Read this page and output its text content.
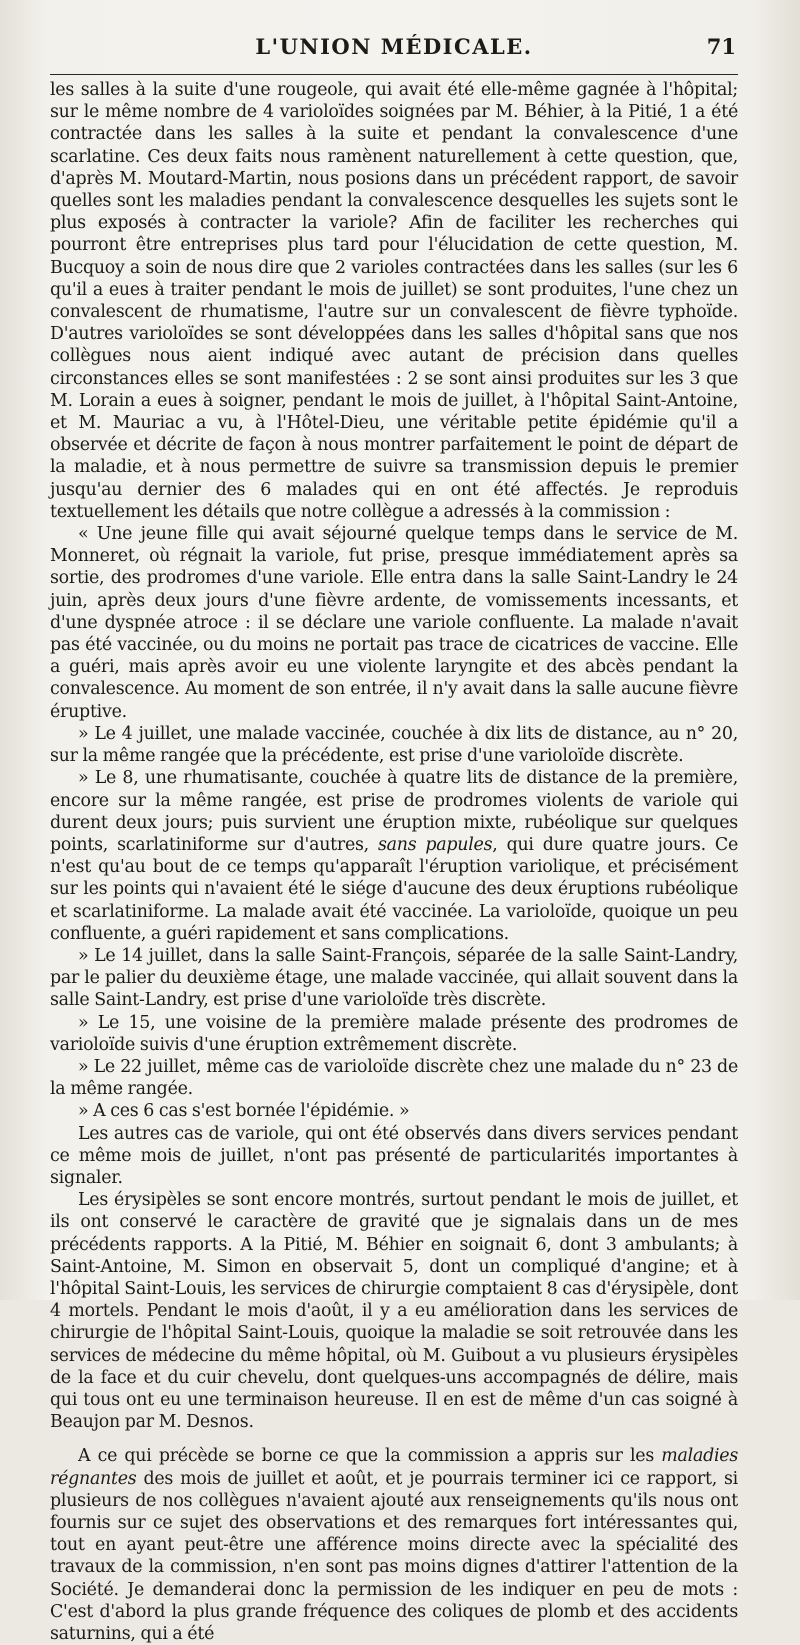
L'UNION MÉDICALE.	71

les salles à la suite d'une rougeole, qui avait été elle-même gagnée à l'hôpital; sur le même nombre de 4 varioloïdes soignées par M. Béhier, à la Pitié, 1 a été contractée dans les salles à la suite et pendant la convalescence d'une scarlatine. Ces deux faits nous ramènent naturellement à cette question, que, d'après M. Moutard-Martin, nous posions dans un précédent rapport, de savoir quelles sont les maladies pendant la convalescence desquelles les sujets sont le plus exposés à contracter la variole? Afin de faciliter les recherches qui pourront être entreprises plus tard pour l'élucidation de cette question, M. Bucquoy a soin de nous dire que 2 varioles contractées dans les salles (sur les 6 qu'il a eues à traiter pendant le mois de juillet) se sont produites, l'une chez un convalescent de rhumatisme, l'autre sur un convalescent de fièvre typhoïde. D'autres varioloïdes se sont développées dans les salles d'hôpital sans que nos collègues nous aient indiqué avec autant de précision dans quelles circonstances elles se sont manifestées : 2 se sont ainsi produites sur les 3 que M. Lorain a eues à soigner, pendant le mois de juillet, à l'hôpital Saint-Antoine, et M. Mauriac a vu, à l'Hôtel-Dieu, une véritable petite épidémie qu'il a observée et décrite de façon à nous montrer parfaitement le point de départ de la maladie, et à nous permettre de suivre sa transmission depuis le premier jusqu'au dernier des 6 malades qui en ont été affectés. Je reproduis textuellement les détails que notre collègue a adressés à la commission :

« Une jeune fille qui avait séjourné quelque temps dans le service de M. Monneret, où régnait la variole, fut prise, presque immédiatement après sa sortie, des prodromes d'une variole. Elle entra dans la salle Saint-Landry le 24 juin, après deux jours d'une fièvre ardente, de vomissements incessants, et d'une dyspnée atroce : il se déclare une variole confluente. La malade n'avait pas été vaccinée, ou du moins ne portait pas trace de cicatrices de vaccine. Elle a guéri, mais après avoir eu une violente laryngite et des abcès pendant la convalescence. Au moment de son entrée, il n'y avait dans la salle aucune fièvre éruptive.

» Le 4 juillet, une malade vaccinée, couchée à dix lits de distance, au n° 20, sur la même rangée que la précédente, est prise d'une varioloïde discrète.

» Le 8, une rhumatisante, couchée à quatre lits de distance de la première, encore sur la même rangée, est prise de prodromes violents de variole qui durent deux jours; puis survient une éruption mixte, rubéolique sur quelques points, scarlatiniforme sur d'autres, sans papules, qui dure quatre jours. Ce n'est qu'au bout de ce temps qu'apparaît l'éruption variolique, et précisément sur les points qui n'avaient été le siége d'aucune des deux éruptions rubéolique et scarlatiniforme. La malade avait été vaccinée. La varioloïde, quoique un peu confluente, a guéri rapidement et sans complications.

» Le 14 juillet, dans la salle Saint-François, séparée de la salle Saint-Landry, par le palier du deuxième étage, une malade vaccinée, qui allait souvent dans la salle Saint-Landry, est prise d'une varioloïde très discrète.

» Le 15, une voisine de la première malade présente des prodromes de varioloïde suivis d'une éruption extrêmement discrète.

» Le 22 juillet, même cas de varioloïde discrète chez une malade du n° 23 de la même rangée.

» A ces 6 cas s'est bornée l'épidémie. »

Les autres cas de variole, qui ont été observés dans divers services pendant ce même mois de juillet, n'ont pas présenté de particularités importantes à signaler.

Les érysipèles se sont encore montrés, surtout pendant le mois de juillet, et ils ont conservé le caractère de gravité que je signalais dans un de mes précédents rapports. A la Pitié, M. Béhier en soignait 6, dont 3 ambulants; à Saint-Antoine, M. Simon en observait 5, dont un compliqué d'angine; et à l'hôpital Saint-Louis, les services de chirurgie comptaient 8 cas d'érysipèle, dont 4 mortels. Pendant le mois d'août, il y a eu amélioration dans les services de chirurgie de l'hôpital Saint-Louis, quoique la maladie se soit retrouvée dans les services de médecine du même hôpital, où M. Guibout a vu plusieurs érysipèles de la face et du cuir chevelu, dont quelques-uns accompagnés de délire, mais qui tous ont eu une terminaison heureuse. Il en est de même d'un cas soigné à Beaujon par M. Desnos.

A ce qui précède se borne ce que la commission a appris sur les maladies régnantes des mois de juillet et août, et je pourrais terminer ici ce rapport, si plusieurs de nos collègues n'avaient ajouté aux renseignements qu'ils nous ont fournis sur ce sujet des observations et des remarques fort intéressantes qui, tout en ayant peut-être une afférence moins directe avec la spécialité des travaux de la commission, n'en sont pas moins dignes d'attirer l'attention de la Société. Je demanderai donc la permission de les indiquer en peu de mots : C'est d'abord la plus grande fréquence des coliques de plomb et des accidents saturnins, qui a été
